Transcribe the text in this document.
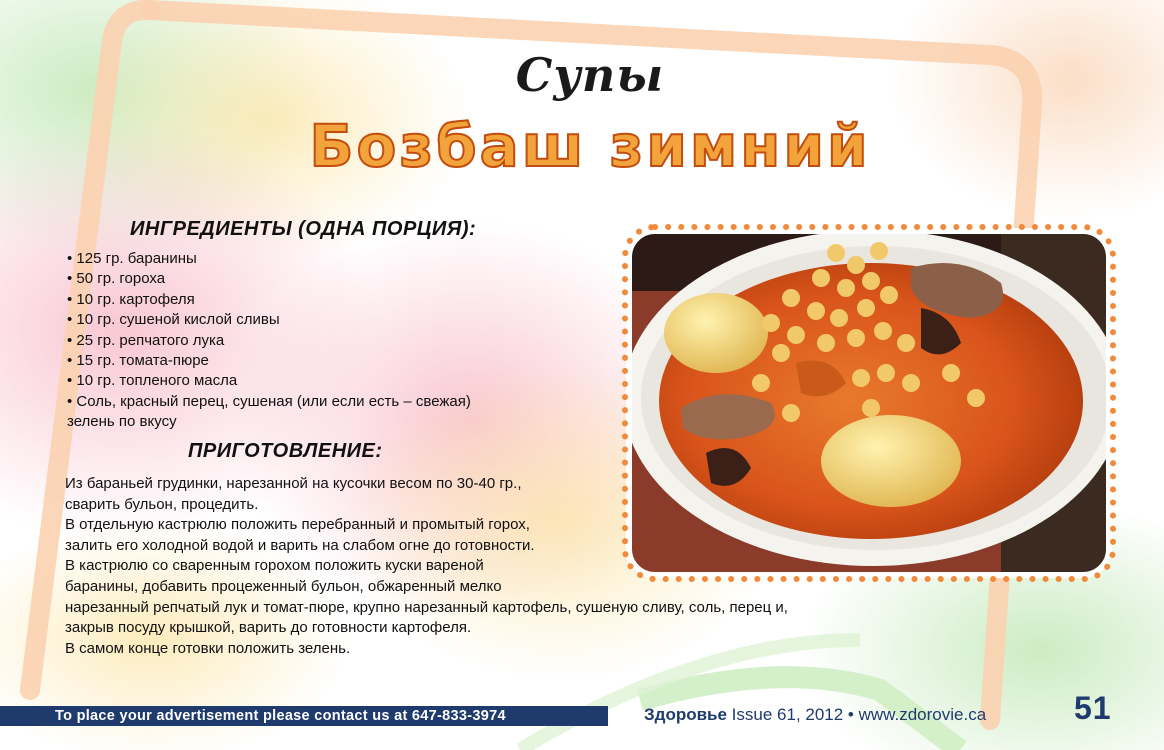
Супы
Бозбаш зимний
ИНГРЕДИЕНТЫ (ОДНА ПОРЦИЯ):
• 125 гр. баранины
• 50 гр. гороха
• 10 гр. картофеля
• 10 гр. сушеной кислой сливы
• 25 гр. репчатого лука
• 15 гр. томата-пюре
• 10 гр. топленого масла
• Соль, красный перец, сушеная (или если есть – свежая)
зелень по вкусу
ПРИГОТОВЛЕНИЕ:
Из бараньей грудинки, нарезанной на кусочки весом по 30-40 гр.,
сварить бульон, процедить.
В отдельную кастрюлю положить перебранный и промытый горох,
залить его холодной водой и варить на слабом огне до готовности.
В кастрюлю со сваренным горохом положить куски вареной
баранины, добавить процеженный бульон, обжаренный мелко
нарезанный репчатый лук и томат-пюре, крупно нарезанный картофель, сушеную сливу, соль, перец и,
закрыв посуду крышкой, варить до готовности картофеля.
В самом конце готовки положить зелень.
To place your advertisement please contact us at 647-833-3974	Здоровье Issue 61, 2012 • www.zdorovie.ca	51
